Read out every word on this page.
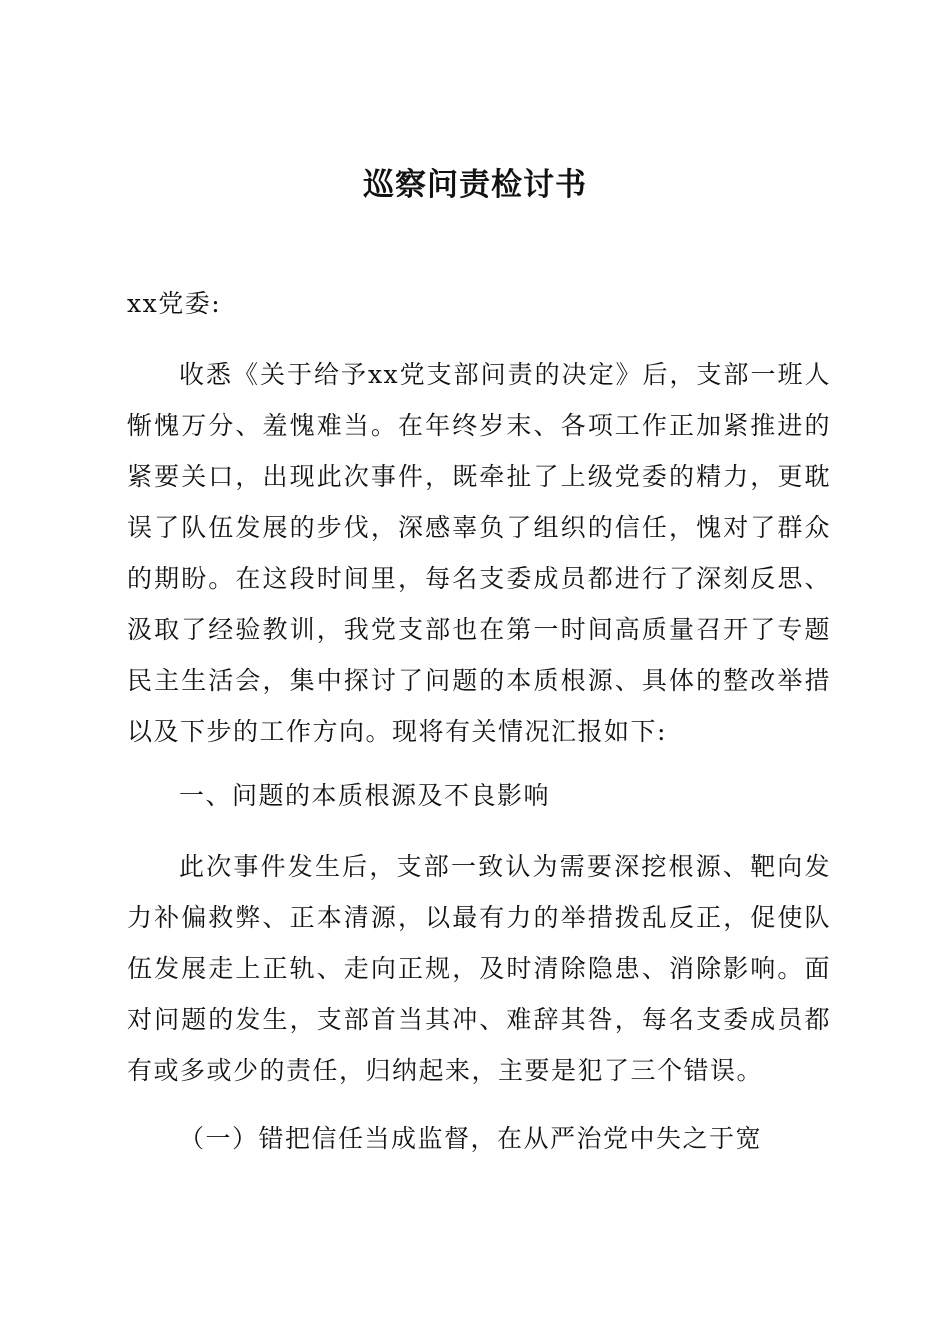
巡察问责检讨书

xx党委:

收悉《关于给予xx党支部问责的决定》后，支部一班人惭愧万分、羞愧难当。在年终岁末、各项工作正加紧推进的紧要关口，出现此次事件，既牵扯了上级党委的精力，更耽误了队伍发展的步伐，深感辜负了组织的信任，愧对了群众的期盼。在这段时间里，每名支委成员都进行了深刻反思、汲取了经验教训，我党支部也在第一时间高质量召开了专题民主生活会，集中探讨了问题的本质根源、具体的整改举措以及下步的工作方向。现将有关情况汇报如下:

一、问题的本质根源及不良影响

此次事件发生后，支部一致认为需要深挖根源、靶向发力补偏救弊、正本清源，以最有力的举措拨乱反正，促使队伍发展走上正轨、走向正规，及时清除隐患、消除影响。面对问题的发生，支部首当其冲、难辞其咎，每名支委成员都有或多或少的责任，归纳起来，主要是犯了三个错误。

（一）错把信任当成监督，在从严治党中失之于宽
